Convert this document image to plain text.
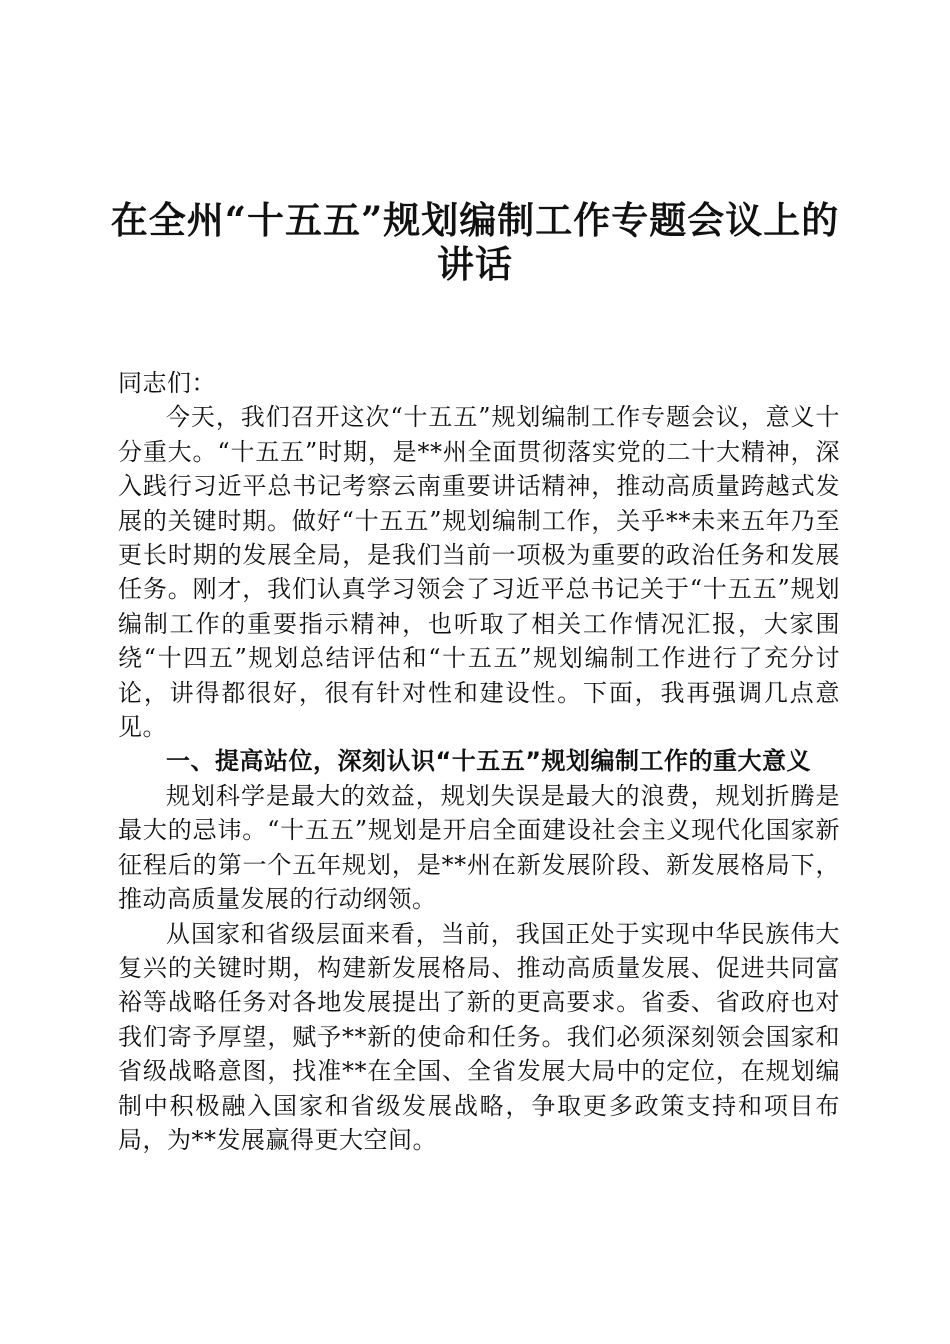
在全州“十五五”规划编制工作专题会议上的
讲话

同志们：

今天，我们召开这次“十五五”规划编制工作专题会议，意义十分重大。“十五五”时期，是**州全面贯彻落实党的二十大精神，深入践行习近平总书记考察云南重要讲话精神，推动高质量跨越式发展的关键时期。做好“十五五”规划编制工作，关乎**未来五年乃至更长时期的发展全局，是我们当前一项极为重要的政治任务和发展任务。刚才，我们认真学习领会了习近平总书记关于“十五五”规划编制工作的重要指示精神，也听取了相关工作情况汇报，大家围绕“十四五”规划总结评估和“十五五”规划编制工作进行了充分讨论，讲得都很好，很有针对性和建设性。下面，我再强调几点意见。

一、提高站位，深刻认识“十五五”规划编制工作的重大意义

规划科学是最大的效益，规划失误是最大的浪费，规划折腾是最大的忌讳。“十五五”规划是开启全面建设社会主义现代化国家新征程后的第一个五年规划，是**州在新发展阶段、新发展格局下，推动高质量发展的行动纲领。

从国家和省级层面来看，当前，我国正处于实现中华民族伟大复兴的关键时期，构建新发展格局、推动高质量发展、促进共同富裕等战略任务对各地发展提出了新的更高要求。省委、省政府也对我们寄予厚望，赋予**新的使命和任务。我们必须深刻领会国家和省级战略意图，找准**在全国、全省发展大局中的定位，在规划编制中积极融入国家和省级发展战略，争取更多政策支持和项目布局，为**发展赢得更大空间。
